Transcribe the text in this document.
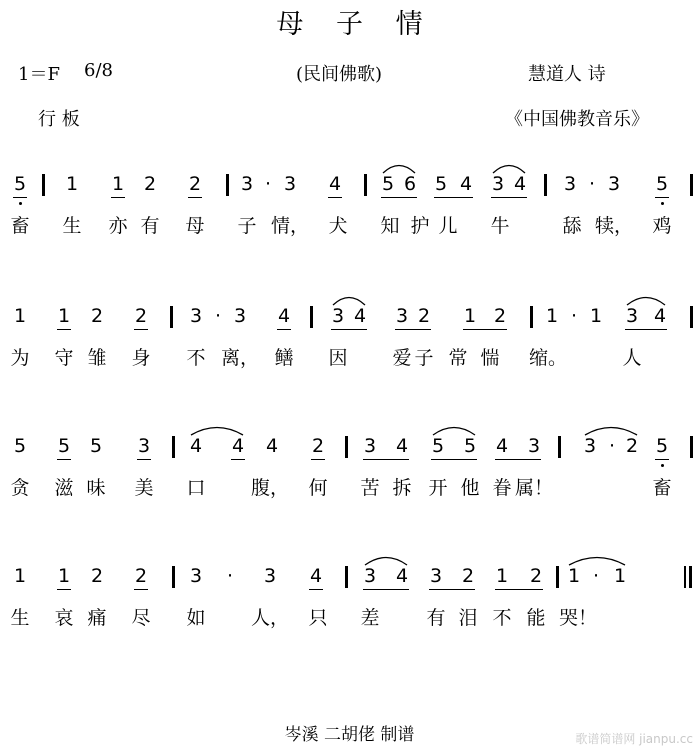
母 子 情
1＝F 6/8	(民间佛歌)	慧道人 诗
行 板	《中国佛教音乐》
5 1 1 2 2 3 · 3 4 5 6 5 4 3 4 3 · 3 5
畜 生 亦 有 母 子 情， 犬 知 护 儿 牛	舔 犊， 鸡
1 1 2 2 3 · 3 4 3 4 3 2 1 2 1 · 1 3 4
为 守 雏 身 不 离， 鳝 因 爱 子 常 惴 缩。	人
5 5 5 3 4 4 4 2 3 4 5 5 4 3 3 · 2 5
贪 滋 味 美 口 腹， 何 苦 拆 开 他 眷 属！	畜
1 1 2 2 3 · 3 4 3 4 3 2 1 2 1 · 1
生 哀 痛 尽 如 人， 只 差 有 泪 不 能 哭！
岑溪 二胡佬 制谱	歌谱简谱网 jianpu.cc
